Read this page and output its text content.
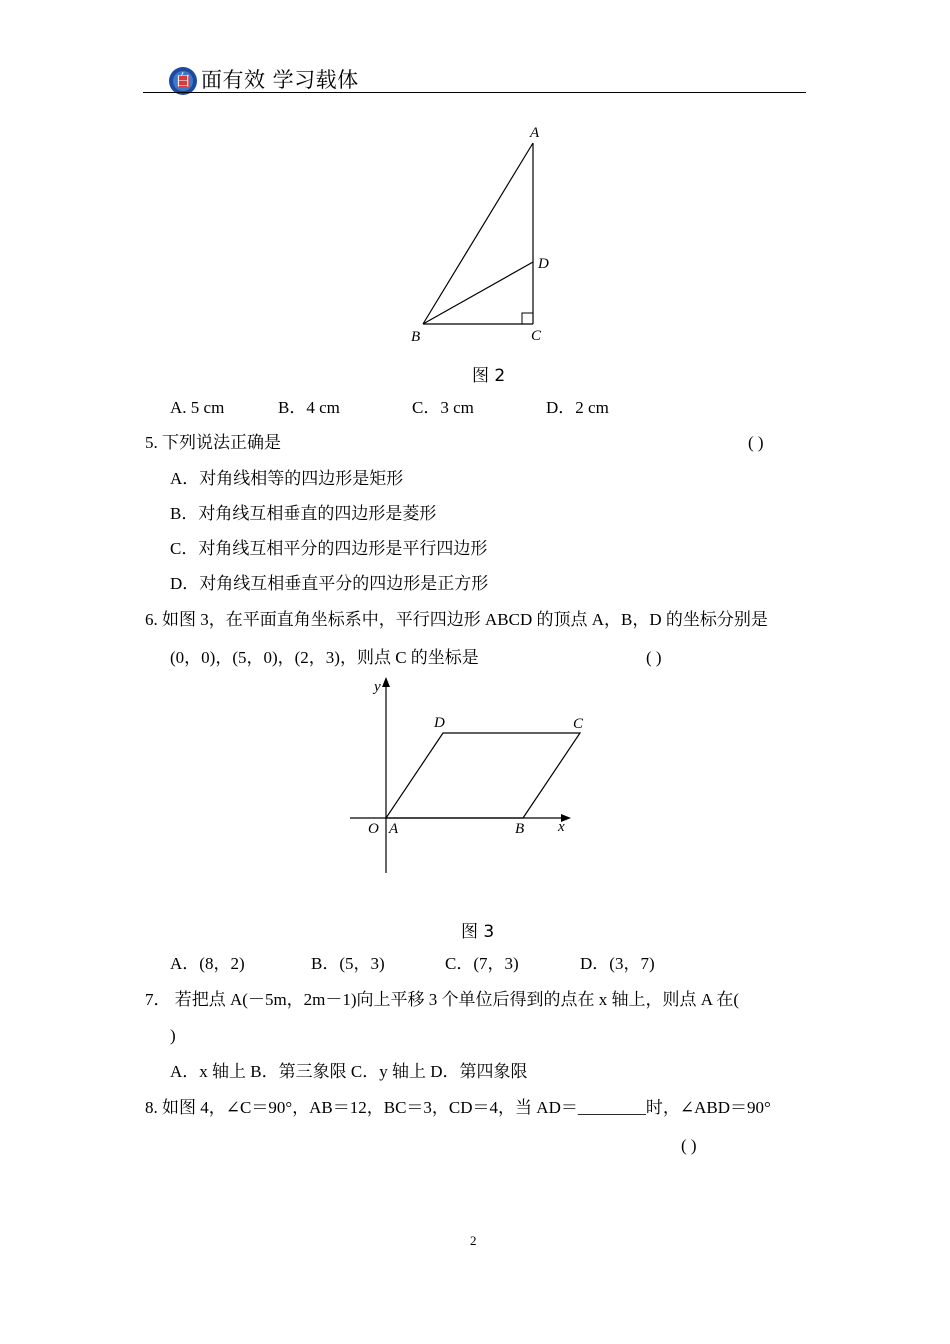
白 面有效 学习载体
A
D
B	C
图 2
A. 5 cm	B．4 cm	C．3 cm	D．2 cm
5. 下列说法正确是	( )
A．对角线相等的四边形是矩形
B．对角线互相垂直的四边形是菱形
C．对角线互相平分的四边形是平行四边形
D．对角线互相垂直平分的四边形是正方形
6. 如图 3，在平面直角坐标系中，平行四边形 ABCD 的顶点 A，B，D 的坐标分别是
(0，0)，(5，0)，(2，3)，则点 C 的坐标是	( )
y
x
O A	B
D	C
图 3
A．(8，2)	B．(5，3)	C．(7，3)	D．(3，7)
7． 若把点 A(－5m，2m－1)向上平移 3 个单位后得到的点在 x 轴上，则点 A 在(
)
A．x 轴上 B．第三象限 C．y 轴上 D．第四象限
8. 如图 4，∠C＝90°，AB＝12，BC＝3，CD＝4，当 AD＝________时，∠ABD＝90°
( )
2
